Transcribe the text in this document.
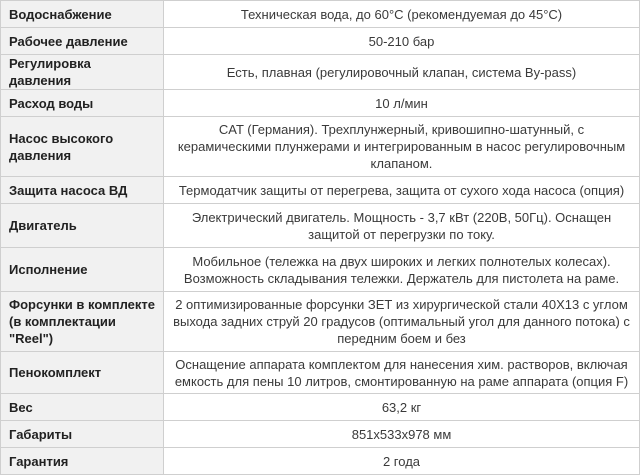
Водоснабжение	Техническая вода, до 60°С (рекомендуемая до 45°С)
Рабочее давление	50-210 бар
Регулировка давления	Есть, плавная (регулировочный клапан, система By-pass)
Расход воды	10 л/мин
Насос высокого давления	CAT (Германия). Трехплунжерный, кривошипно-шатунный, с керамическими плунжерами и интегрированным в насос регулировочным клапаном.
Защита насоса ВД	Термодатчик защиты от перегрева, защита от сухого хода насоса (опция)
Двигатель	Электрический двигатель. Мощность - 3,7 кВт (220В, 50Гц). Оснащен защитой от перегрузки по току.
Исполнение	Мобильное (тележка на двух широких и легких полнотелых колесах). Возможность складывания тележки. Держатель для пистолета на раме.
Форсунки в комплекте (в комплектации "Reel")	2 оптимизированные форсунки ЗЕТ из хирургической стали 40Х13 с углом выхода задних струй 20 градусов (оптимальный угол для данного потока) с передним боем и без
Пенокомплект	Оснащение аппарата комплектом для нанесения хим. растворов, включая емкость для пены 10 литров, смонтированную на раме аппарата (опция F)
Вес	63,2 кг
Габариты	851х533х978 мм
Гарантия	2 года
